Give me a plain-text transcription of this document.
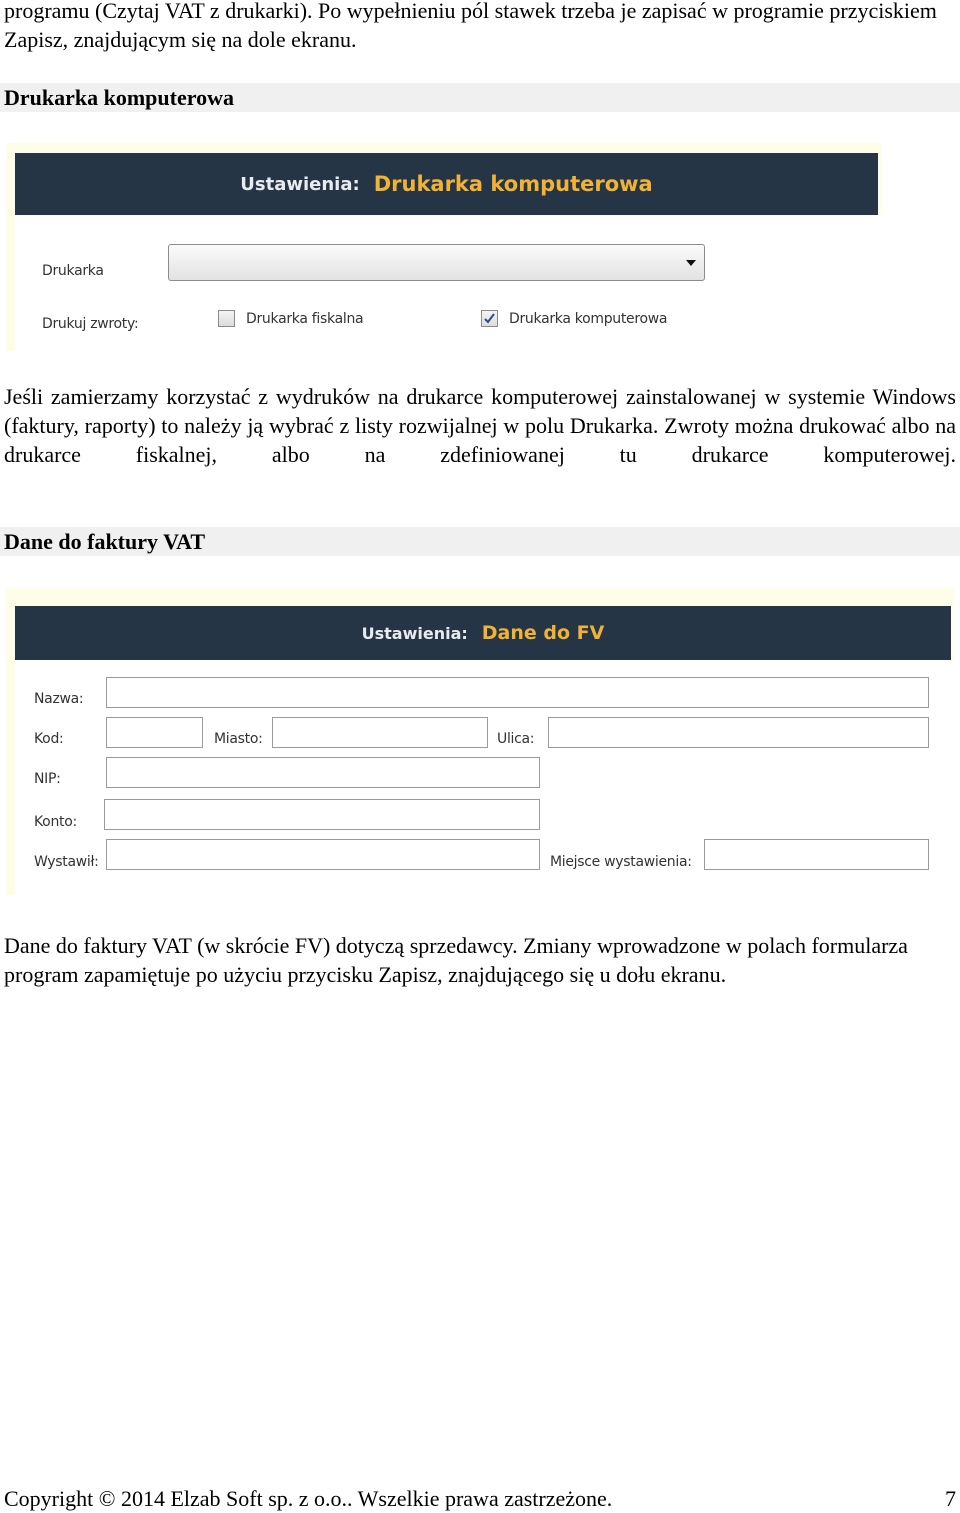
programu (Czytaj VAT z drukarki). Po wypełnieniu pól stawek trzeba je zapisać w programie przyciskiem Zapisz, znajdującym się na dole ekranu.

Drukarka komputerowa
Ustawienia: Drukarka komputerowa
Drukarka
Drukuj zwroty:	Drukarka fiskalna	Drukarka komputerowa

Jeśli zamierzamy korzystać z wydruków na drukarce komputerowej zainstalowanej w systemie Windows (faktury, raporty) to należy ją wybrać z listy rozwijalnej w polu Drukarka. Zwroty można drukować albo na drukarce fiskalnej, albo na zdefiniowanej tu drukarce komputerowej.

Dane do faktury VAT
Ustawienia: Dane do FV
Nazwa:
Kod:	Miasto:	Ulica:
NIP:
Konto:
Wystawił:	Miejsce wystawienia:

Dane do faktury VAT (w skrócie FV) dotyczą sprzedawcy. Zmiany wprowadzone w polach formularza program zapamiętuje po użyciu przycisku Zapisz, znajdującego się u dołu ekranu.

Copyright © 2014 Elzab Soft sp. z o.o.. Wszelkie prawa zastrzeżone.	7
